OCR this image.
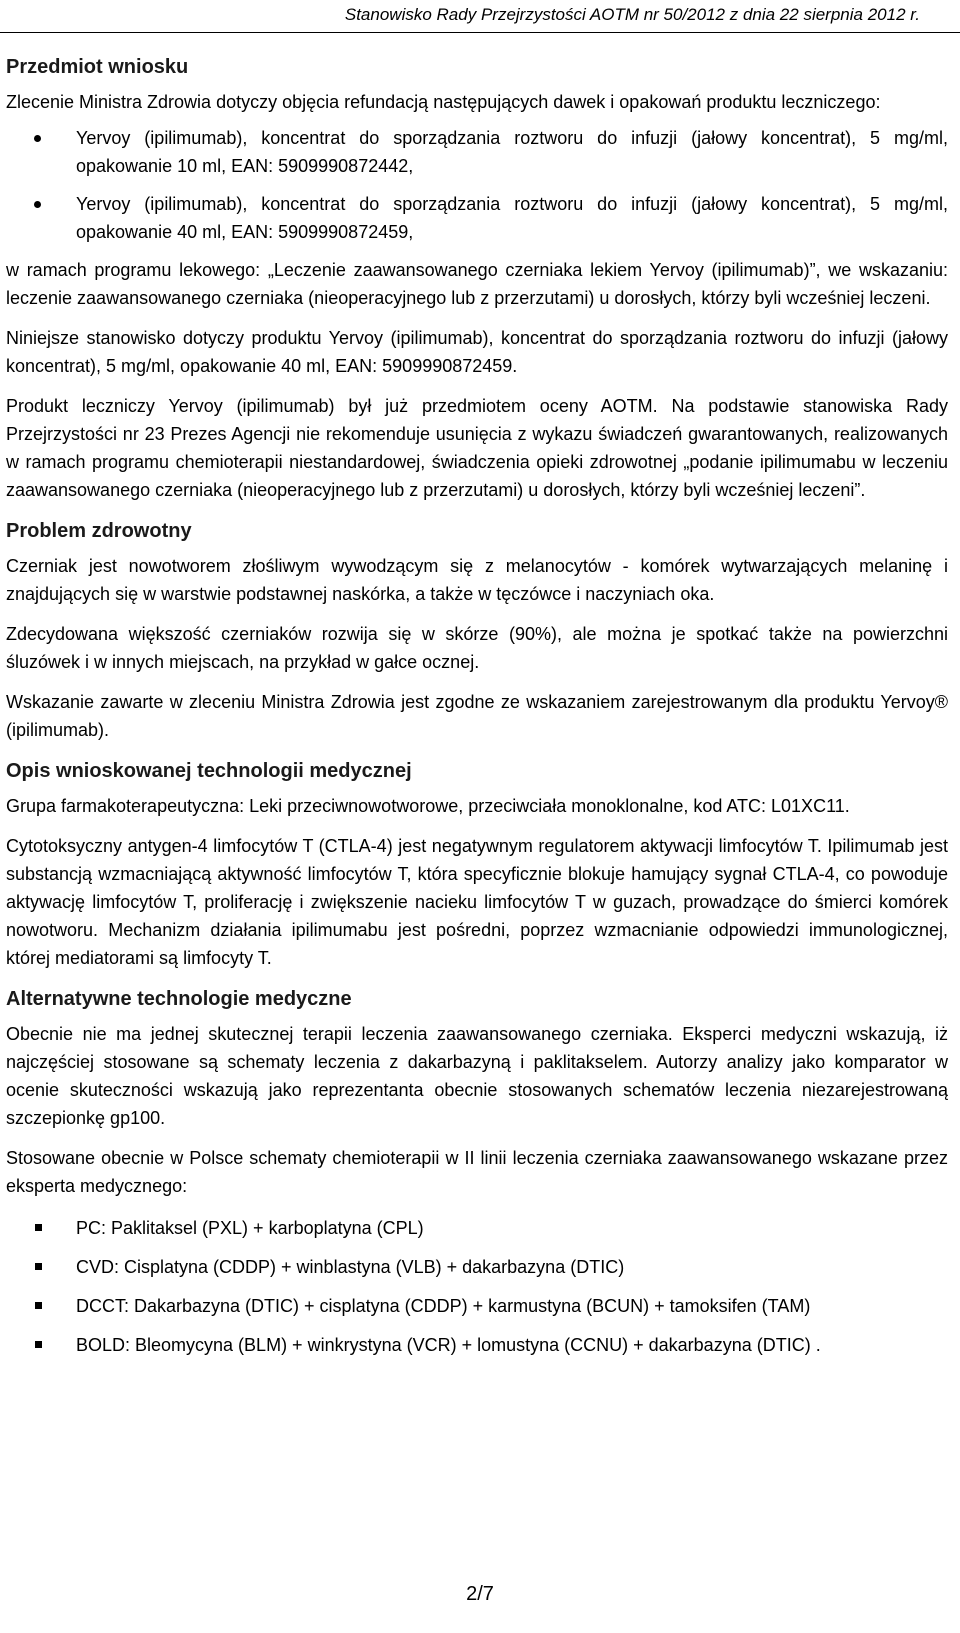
Stanowisko Rady Przejrzystości AOTM nr 50/2012 z dnia 22 sierpnia 2012 r.
Przedmiot wniosku

Zlecenie Ministra Zdrowia dotyczy objęcia refundacją następujących dawek i opakowań produktu leczniczego:

Yervoy (ipilimumab), koncentrat do sporządzania roztworu do infuzji (jałowy koncentrat), 5 mg/ml, opakowanie 10 ml, EAN: 5909990872442,
Yervoy (ipilimumab), koncentrat do sporządzania roztworu do infuzji (jałowy koncentrat), 5 mg/ml, opakowanie 40 ml, EAN: 5909990872459,

w ramach programu lekowego: „Leczenie zaawansowanego czerniaka lekiem Yervoy (ipilimumab)”, we wskazaniu: leczenie zaawansowanego czerniaka (nieoperacyjnego lub z przerzutami) u dorosłych, którzy byli wcześniej leczeni.

Niniejsze stanowisko dotyczy produktu Yervoy (ipilimumab), koncentrat do sporządzania roztworu do infuzji (jałowy koncentrat), 5 mg/ml, opakowanie 40 ml, EAN: 5909990872459.

Produkt leczniczy Yervoy (ipilimumab) był już przedmiotem oceny AOTM. Na podstawie stanowiska Rady Przejrzystości nr 23 Prezes Agencji nie rekomenduje usunięcia z wykazu świadczeń gwarantowanych, realizowanych w ramach programu chemioterapii niestandardowej, świadczenia opieki zdrowotnej „podanie ipilimumabu w leczeniu zaawansowanego czerniaka (nieoperacyjnego lub z przerzutami) u dorosłych, którzy byli wcześniej leczeni”.

Problem zdrowotny

Czerniak jest nowotworem złośliwym wywodzącym się z melanocytów - komórek wytwarzających melaninę i znajdujących się w warstwie podstawnej naskórka, a także w tęczówce i naczyniach oka.

Zdecydowana większość czerniaków rozwija się w skórze (90%), ale można je spotkać także na powierzchni śluzówek i w innych miejscach, na przykład w gałce ocznej.

Wskazanie zawarte w zleceniu Ministra Zdrowia jest zgodne ze wskazaniem zarejestrowanym dla produktu Yervoy® (ipilimumab).

Opis wnioskowanej technologii medycznej

Grupa farmakoterapeutyczna: Leki przeciwnowotworowe, przeciwciała monoklonalne, kod ATC: L01XC11.

Cytotoksyczny antygen-4 limfocytów T (CTLA-4) jest negatywnym regulatorem aktywacji limfocytów T. Ipilimumab jest substancją wzmacniającą aktywność limfocytów T, która specyficznie blokuje hamujący sygnał CTLA-4, co powoduje aktywację limfocytów T, proliferację i zwiększenie nacieku limfocytów T w guzach, prowadzące do śmierci komórek nowotworu. Mechanizm działania ipilimumabu jest pośredni, poprzez wzmacnianie odpowiedzi immunologicznej, której mediatorami są limfocyty T.

Alternatywne technologie medyczne

Obecnie nie ma jednej skutecznej terapii leczenia zaawansowanego czerniaka. Eksperci medyczni wskazują, iż najczęściej stosowane są schematy leczenia z dakarbazyną i paklitakselem. Autorzy analizy jako komparator w ocenie skuteczności wskazują jako reprezentanta obecnie stosowanych schematów leczenia niezarejestrowaną szczepionkę gp100.

Stosowane obecnie w Polsce schematy chemioterapii w II linii leczenia czerniaka zaawansowanego wskazane przez eksperta medycznego:

PC: Paklitaksel (PXL) + karboplatyna (CPL)
CVD: Cisplatyna (CDDP) + winblastyna (VLB) + dakarbazyna (DTIC)
DCCT: Dakarbazyna (DTIC) + cisplatyna (CDDP) + karmustyna (BCUN) + tamoksifen (TAM)
BOLD: Bleomycyna (BLM) + winkrystyna (VCR) + lomustyna (CCNU) + dakarbazyna (DTIC) .
2/7
